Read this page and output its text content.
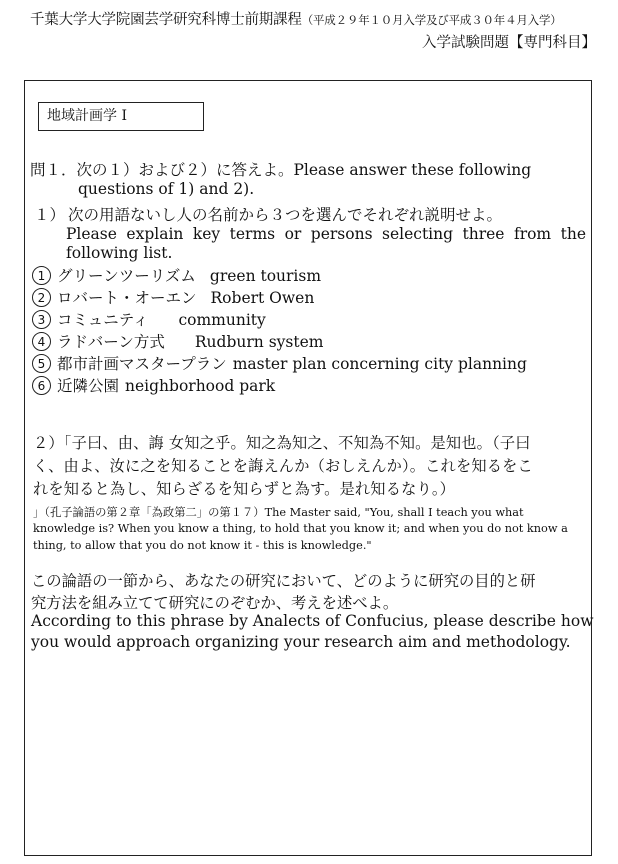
千葉大学大学院園芸学研究科博士前期課程（平成２９年１０月入学及び平成３０年４月入学）
入学試験問題【専門科目】
地域計画学 I
問１．次の１）および２）に答えよ。Please answer these following
questions of 1) and 2).
１） 次の用語ないし人の名前から３つを選んでそれぞれ説明せよ。
Please explain key terms or persons selecting three from the
following list.
1 グリーンツーリズム green tourism
2 ロバート・オーエン Robert Owen
3 コミュニティ community
4 ラドバーン方式 Rudburn system
5 都市計画マスタープラン master plan concerning city planning
6 近隣公園 neighborhood park
２）「子曰、由、誨 女知之乎。知之為知之、不知為不知。是知也。（子曰
く、由よ、汝に之を知ることを誨えんか（おしえんか）。これを知るをこ
れを知ると為し、知らざるを知らずと為す。是れ知るなり。）
」（孔子論語の第２章「為政第二」の第１７）The Master said, "You, shall I teach you what
knowledge is? When you know a thing, to hold that you know it; and when you do not know a
thing, to allow that you do not know it - this is knowledge."
この論語の一節から、あなたの研究において、どのように研究の目的と研
究方法を組み立てて研究にのぞむか、考えを述べよ。
According to this phrase by Analects of Confucius, please describe how
you would approach organizing your research aim and methodology.
